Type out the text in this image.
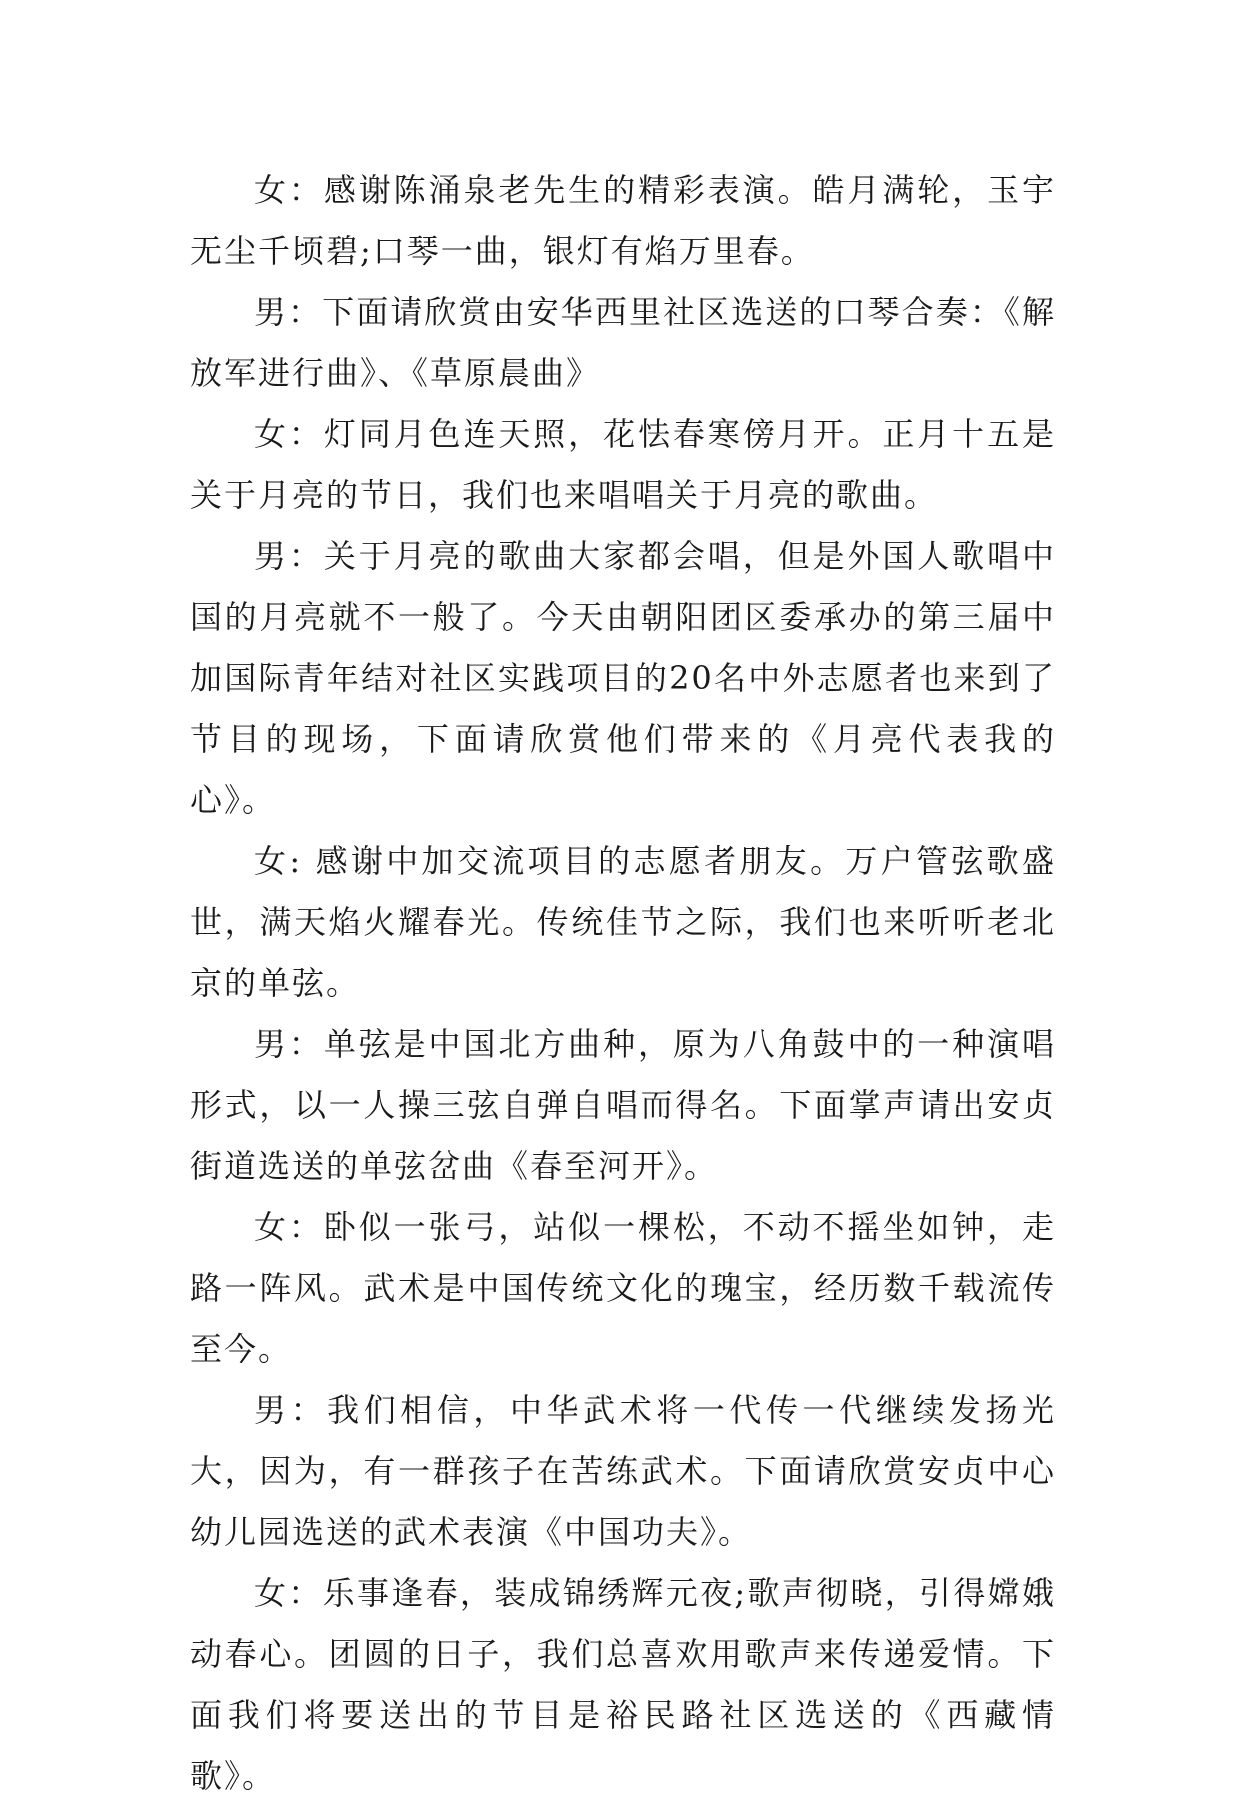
女：感谢陈涌泉老先生的精彩表演。皓月满轮，玉宇无尘千顷碧;口琴一曲，银灯有焰万里春。

男：下面请欣赏由安华西里社区选送的口琴合奏：《解放军进行曲》、《草原晨曲》

女：灯同月色连天照，花怯春寒傍月开。正月十五是关于月亮的节日，我们也来唱唱关于月亮的歌曲。

男：关于月亮的歌曲大家都会唱，但是外国人歌唱中国的月亮就不一般了。今天由朝阳团区委承办的第三届中加国际青年结对社区实践项目的20名中外志愿者也来到了节目的现场，下面请欣赏他们带来的《月亮代表我的心》。

女: 感谢中加交流项目的志愿者朋友。万户管弦歌盛世，满天焰火耀春光。传统佳节之际，我们也来听听老北京的单弦。

男：单弦是中国北方曲种，原为八角鼓中的一种演唱形式，以一人操三弦自弹自唱而得名。下面掌声请出安贞街道选送的单弦岔曲《春至河开》。

女：卧似一张弓，站似一棵松，不动不摇坐如钟，走路一阵风。武术是中国传统文化的瑰宝，经历数千载流传至今。

男：我们相信，中华武术将一代传一代继续发扬光大，因为，有一群孩子在苦练武术。下面请欣赏安贞中心幼儿园选送的武术表演《中国功夫》。

女：乐事逢春，装成锦绣辉元夜;歌声彻晓，引得嫦娥动春心。团圆的日子，我们总喜欢用歌声来传递爱情。下面我们将要送出的节目是裕民路社区选送的《西藏情歌》。
